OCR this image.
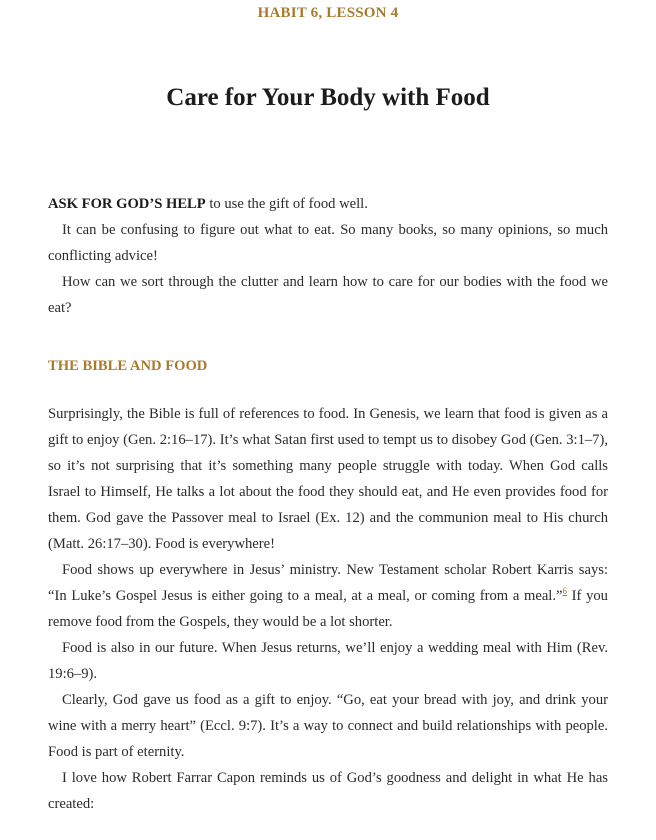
HABIT 6, LESSON 4
Care for Your Body with Food

ASK FOR GOD’S HELP to use the gift of food well.

It can be confusing to figure out what to eat. So many books, so many opinions, so much conflicting advice!

How can we sort through the clutter and learn how to care for our bodies with the food we eat?

THE BIBLE AND FOOD

Surprisingly, the Bible is full of references to food. In Genesis, we learn that food is given as a gift to enjoy (Gen. 2:16–17). It’s what Satan first used to tempt us to disobey God (Gen. 3:1–7), so it’s not surprising that it’s something many people struggle with today. When God calls Israel to Himself, He talks a lot about the food they should eat, and He even provides food for them. God gave the Passover meal to Israel (Ex. 12) and the communion meal to His church (Matt. 26:17–30). Food is everywhere!

Food shows up everywhere in Jesus’ ministry. New Testament scholar Robert Karris says: “In Luke’s Gospel Jesus is either going to a meal, at a meal, or coming from a meal.”$^6$ If you remove food from the Gospels, they would be a lot shorter.

Food is also in our future. When Jesus returns, we’ll enjoy a wedding meal with Him (Rev. 19:6–9).

Clearly, God gave us food as a gift to enjoy. “Go, eat your bread with joy, and drink your wine with a merry heart” (Eccl. 9:7). It’s a way to connect and build relationships with people. Food is part of eternity.

I love how Robert Farrar Capon reminds us of God’s goodness and delight in what He has created:
